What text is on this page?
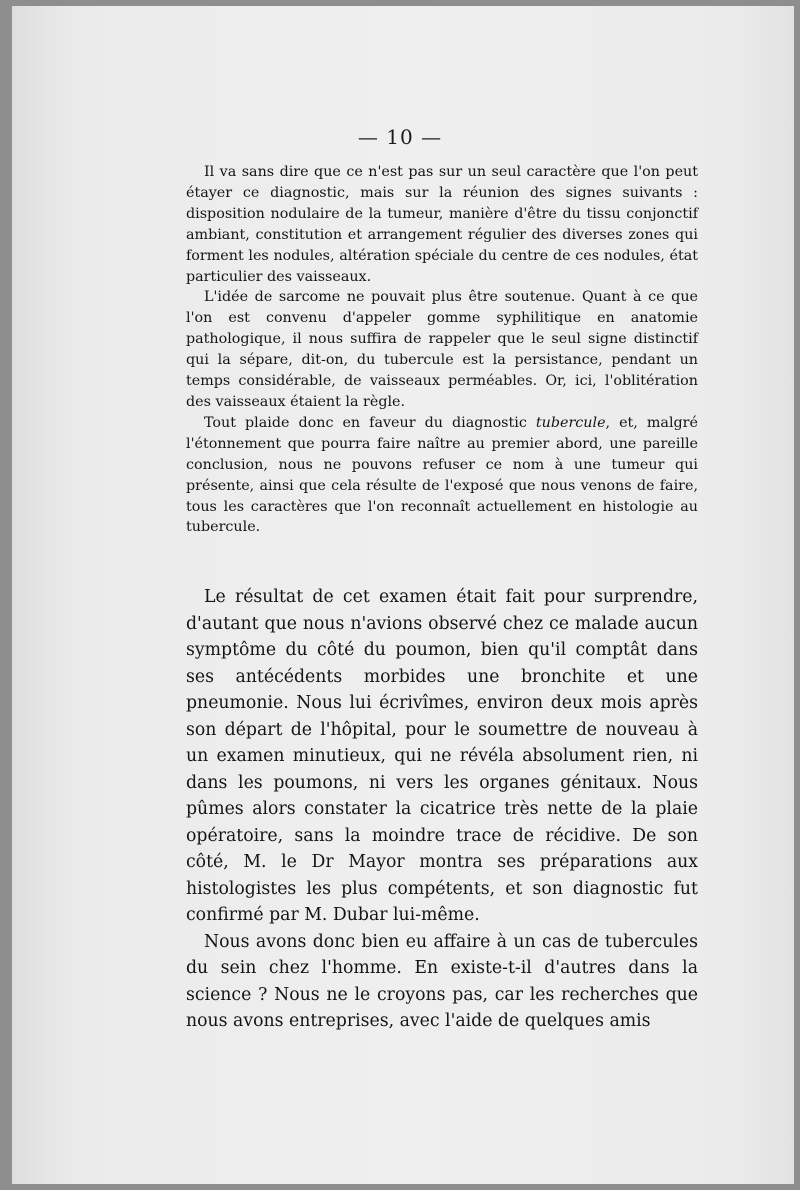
— 10 —

Il va sans dire que ce n'est pas sur un seul caractère que l'on peut étayer ce diagnostic, mais sur la réunion des signes suivants : disposition nodulaire de la tumeur, manière d'être du tissu conjonctif ambiant, constitution et arrangement régulier des diverses zones qui forment les nodules, altération spéciale du centre de ces nodules, état particulier des vaisseaux.

L'idée de sarcome ne pouvait plus être soutenue. Quant à ce que l'on est convenu d'appeler gomme syphilitique en anatomie pathologique, il nous suffira de rappeler que le seul signe distinctif qui la sépare, dit-on, du tubercule est la persistance, pendant un temps considérable, de vaisseaux perméables. Or, ici, l'oblitération des vaisseaux étaient la règle.

Tout plaide donc en faveur du diagnostic tubercule, et, malgré l'étonnement que pourra faire naître au premier abord, une pareille conclusion, nous ne pouvons refuser ce nom à une tumeur qui présente, ainsi que cela résulte de l'exposé que nous venons de faire, tous les caractères que l'on reconnaît actuellement en histologie au tubercule.

Le résultat de cet examen était fait pour surprendre, d'autant que nous n'avions observé chez ce malade aucun symptôme du côté du poumon, bien qu'il comptât dans ses antécédents morbides une bronchite et une pneumonie. Nous lui écrivîmes, environ deux mois après son départ de l'hôpital, pour le soumettre de nouveau à un examen minutieux, qui ne révéla absolument rien, ni dans les poumons, ni vers les organes génitaux. Nous pûmes alors constater la cicatrice très nette de la plaie opératoire, sans la moindre trace de récidive. De son côté, M. le Dr Mayor montra ses préparations aux histologistes les plus compétents, et son diagnostic fut confirmé par M. Dubar lui-même.

Nous avons donc bien eu affaire à un cas de tubercules du sein chez l'homme. En existe-t-il d'autres dans la science ? Nous ne le croyons pas, car les recherches que nous avons entreprises, avec l'aide de quelques amis
